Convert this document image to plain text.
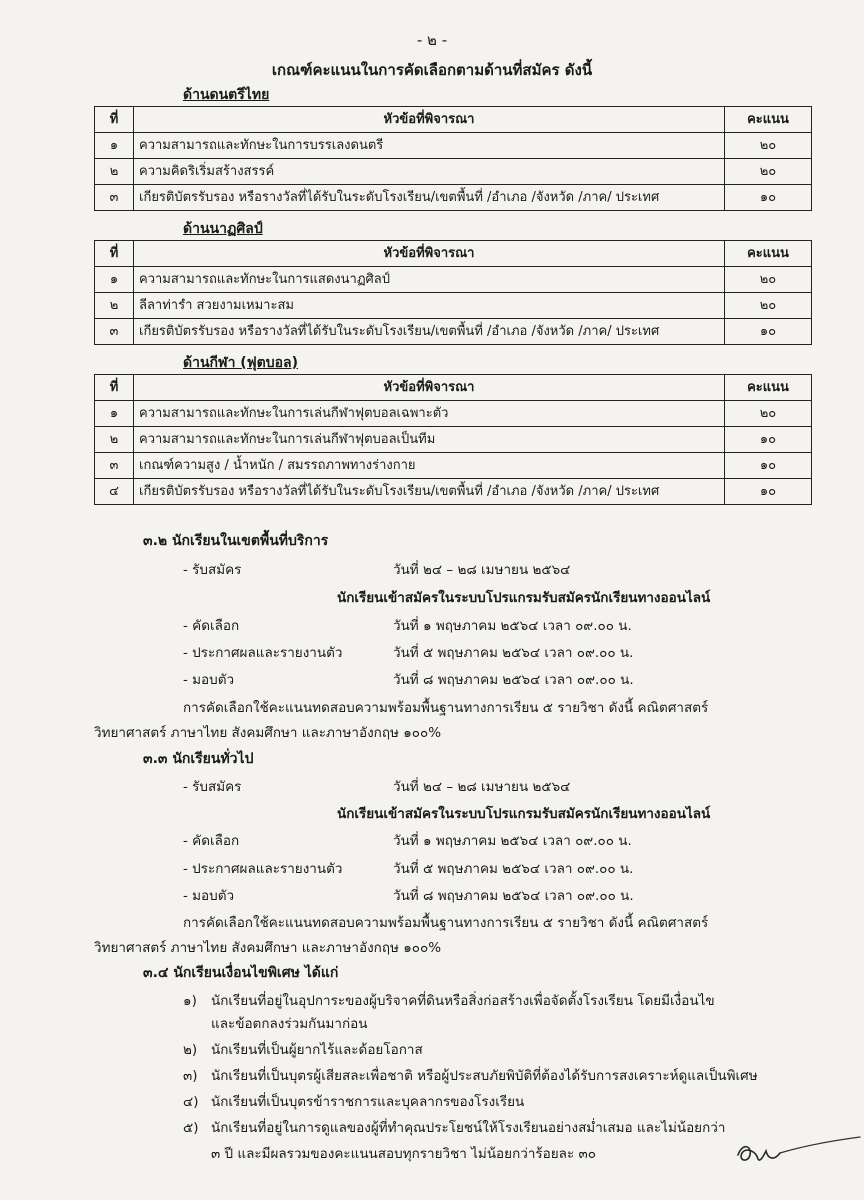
- ๒ -
เกณฑ์คะแนนในการคัดเลือกตามด้านที่สมัคร ดังนี้
ด้านดนตรีไทย
ที่	หัวข้อที่พิจารณา	คะแนน
๑	ความสามารถและทักษะในการบรรเลงดนตรี	๒๐
๒	ความคิดริเริ่มสร้างสรรค์	๒๐
๓	เกียรติบัตรรับรอง หรือรางวัลที่ได้รับในระดับโรงเรียน/เขตพื้นที่ /อำเภอ /จังหวัด /ภาค/ ประเทศ	๑๐
ด้านนาฏศิลป์
ที่	หัวข้อที่พิจารณา	คะแนน
๑	ความสามารถและทักษะในการแสดงนาฏศิลป์	๒๐
๒	ลีลาท่ารำ สวยงามเหมาะสม	๒๐
๓	เกียรติบัตรรับรอง หรือรางวัลที่ได้รับในระดับโรงเรียน/เขตพื้นที่ /อำเภอ /จังหวัด /ภาค/ ประเทศ	๑๐
ด้านกีฬา (ฟุตบอล)
ที่	หัวข้อที่พิจารณา	คะแนน
๑	ความสามารถและทักษะในการเล่นกีฬาฟุตบอลเฉพาะตัว	๒๐
๒	ความสามารถและทักษะในการเล่นกีฬาฟุตบอลเป็นทีม	๑๐
๓	เกณฑ์ความสูง / น้ำหนัก / สมรรถภาพทางร่างกาย	๑๐
๔	เกียรติบัตรรับรอง หรือรางวัลที่ได้รับในระดับโรงเรียน/เขตพื้นที่ /อำเภอ /จังหวัด /ภาค/ ประเทศ	๑๐
๓.๒ นักเรียนในเขตพื้นที่บริการ
- รับสมัคร	วันที่ ๒๔ – ๒๘ เมษายน ๒๕๖๔
นักเรียนเข้าสมัครในระบบโปรแกรมรับสมัครนักเรียนทางออนไลน์
- คัดเลือก	วันที่ ๑ พฤษภาคม ๒๕๖๔ เวลา ๐๙.๐๐ น.
- ประกาศผลและรายงานตัว	วันที่ ๕ พฤษภาคม ๒๕๖๔ เวลา ๐๙.๐๐ น.
- มอบตัว	วันที่ ๘ พฤษภาคม ๒๕๖๔ เวลา ๐๙.๐๐ น.
การคัดเลือกใช้คะแนนทดสอบความพร้อมพื้นฐานทางการเรียน ๕ รายวิชา ดังนี้ คณิตศาสตร์
วิทยาศาสตร์ ภาษาไทย สังคมศึกษา และภาษาอังกฤษ ๑๐๐%
๓.๓ นักเรียนทั่วไป
- รับสมัคร	วันที่ ๒๔ – ๒๘ เมษายน ๒๕๖๔
นักเรียนเข้าสมัครในระบบโปรแกรมรับสมัครนักเรียนทางออนไลน์
- คัดเลือก	วันที่ ๑ พฤษภาคม ๒๕๖๔ เวลา ๐๙.๐๐ น.
- ประกาศผลและรายงานตัว	วันที่ ๕ พฤษภาคม ๒๕๖๔ เวลา ๐๙.๐๐ น.
- มอบตัว	วันที่ ๘ พฤษภาคม ๒๕๖๔ เวลา ๐๙.๐๐ น.
การคัดเลือกใช้คะแนนทดสอบความพร้อมพื้นฐานทางการเรียน ๕ รายวิชา ดังนี้ คณิตศาสตร์
วิทยาศาสตร์ ภาษาไทย สังคมศึกษา และภาษาอังกฤษ ๑๐๐%
๓.๔ นักเรียนเงื่อนไขพิเศษ ได้แก่
๑) นักเรียนที่อยู่ในอุปการะของผู้บริจาคที่ดินหรือสิ่งก่อสร้างเพื่อจัดตั้งโรงเรียน โดยมีเงื่อนไข
และข้อตกลงร่วมกันมาก่อน
๒) นักเรียนที่เป็นผู้ยากไร้และด้อยโอกาส
๓) นักเรียนที่เป็นบุตรผู้เสียสละเพื่อชาติ หรือผู้ประสบภัยพิบัติที่ต้องได้รับการสงเคราะห์ดูแลเป็นพิเศษ
๔) นักเรียนที่เป็นบุตรข้าราชการและบุคลากรของโรงเรียน
๕) นักเรียนที่อยู่ในการดูแลของผู้ที่ทำคุณประโยชน์ให้โรงเรียนอย่างสม่ำเสมอ และไม่น้อยกว่า
๓ ปี และมีผลรวมของคะแนนสอบทุกรายวิชา ไม่น้อยกว่าร้อยละ ๓๐
